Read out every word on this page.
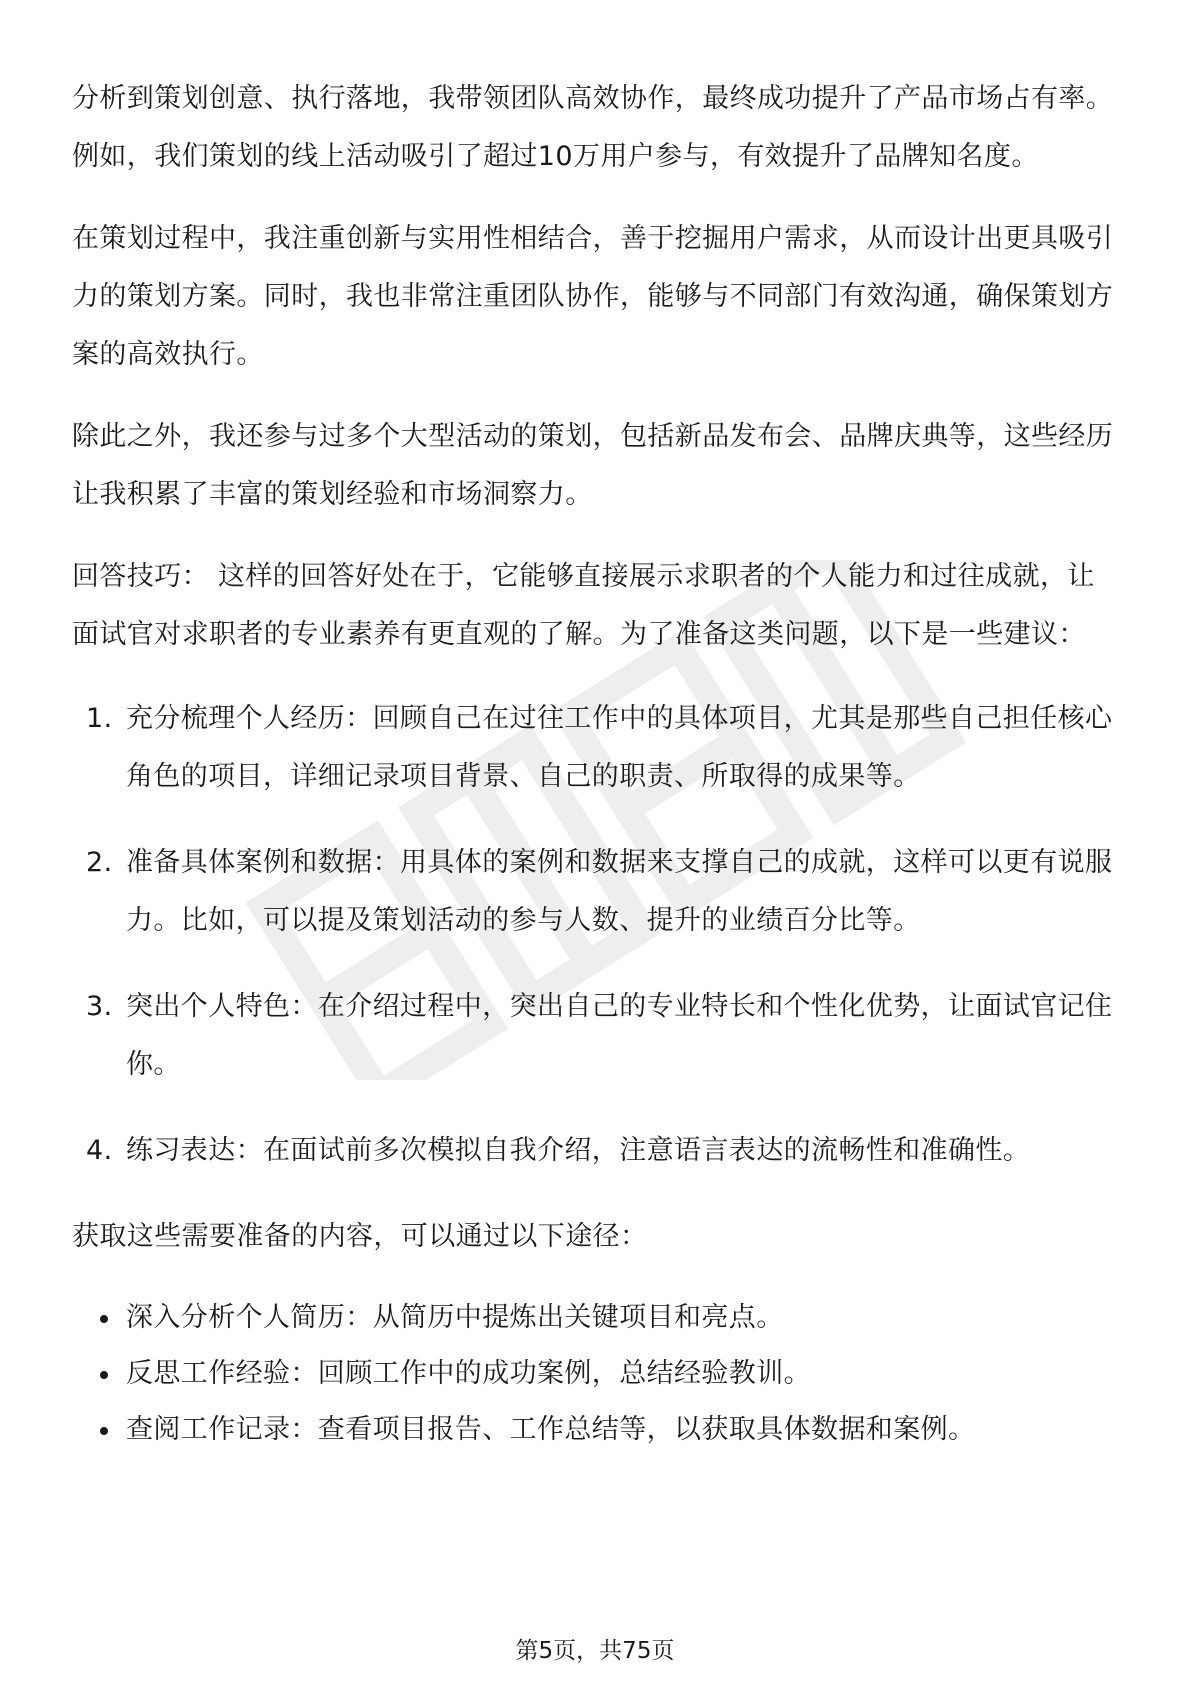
分析到策划创意、执行落地，我带领团队高效协作，最终成功提升了产品市场占有率。例如，我们策划的线上活动吸引了超过10万用户参与，有效提升了品牌知名度。

在策划过程中，我注重创新与实用性相结合，善于挖掘用户需求，从而设计出更具吸引力的策划方案。同时，我也非常注重团队协作，能够与不同部门有效沟通，确保策划方案的高效执行。

除此之外，我还参与过多个大型活动的策划，包括新品发布会、品牌庆典等，这些经历让我积累了丰富的策划经验和市场洞察力。

回答技巧： 这样的回答好处在于，它能够直接展示求职者的个人能力和过往成就，让面试官对求职者的专业素养有更直观的了解。为了准备这类问题，以下是一些建议：

1. 充分梳理个人经历：回顾自己在过往工作中的具体项目，尤其是那些自己担任核心角色的项目，详细记录项目背景、自己的职责、所取得的成果等。
2. 准备具体案例和数据：用具体的案例和数据来支撑自己的成就，这样可以更有说服力。比如，可以提及策划活动的参与人数、提升的业绩百分比等。
3. 突出个人特色：在介绍过程中，突出自己的专业特长和个性化优势，让面试官记住你。
4. 练习表达：在面试前多次模拟自我介绍，注意语言表达的流畅性和准确性。

获取这些需要准备的内容，可以通过以下途径：

深入分析个人简历：从简历中提炼出关键项目和亮点。
反思工作经验：回顾工作中的成功案例，总结经验教训。
查阅工作记录：查看项目报告、工作总结等，以获取具体数据和案例。
第5页，共75页
